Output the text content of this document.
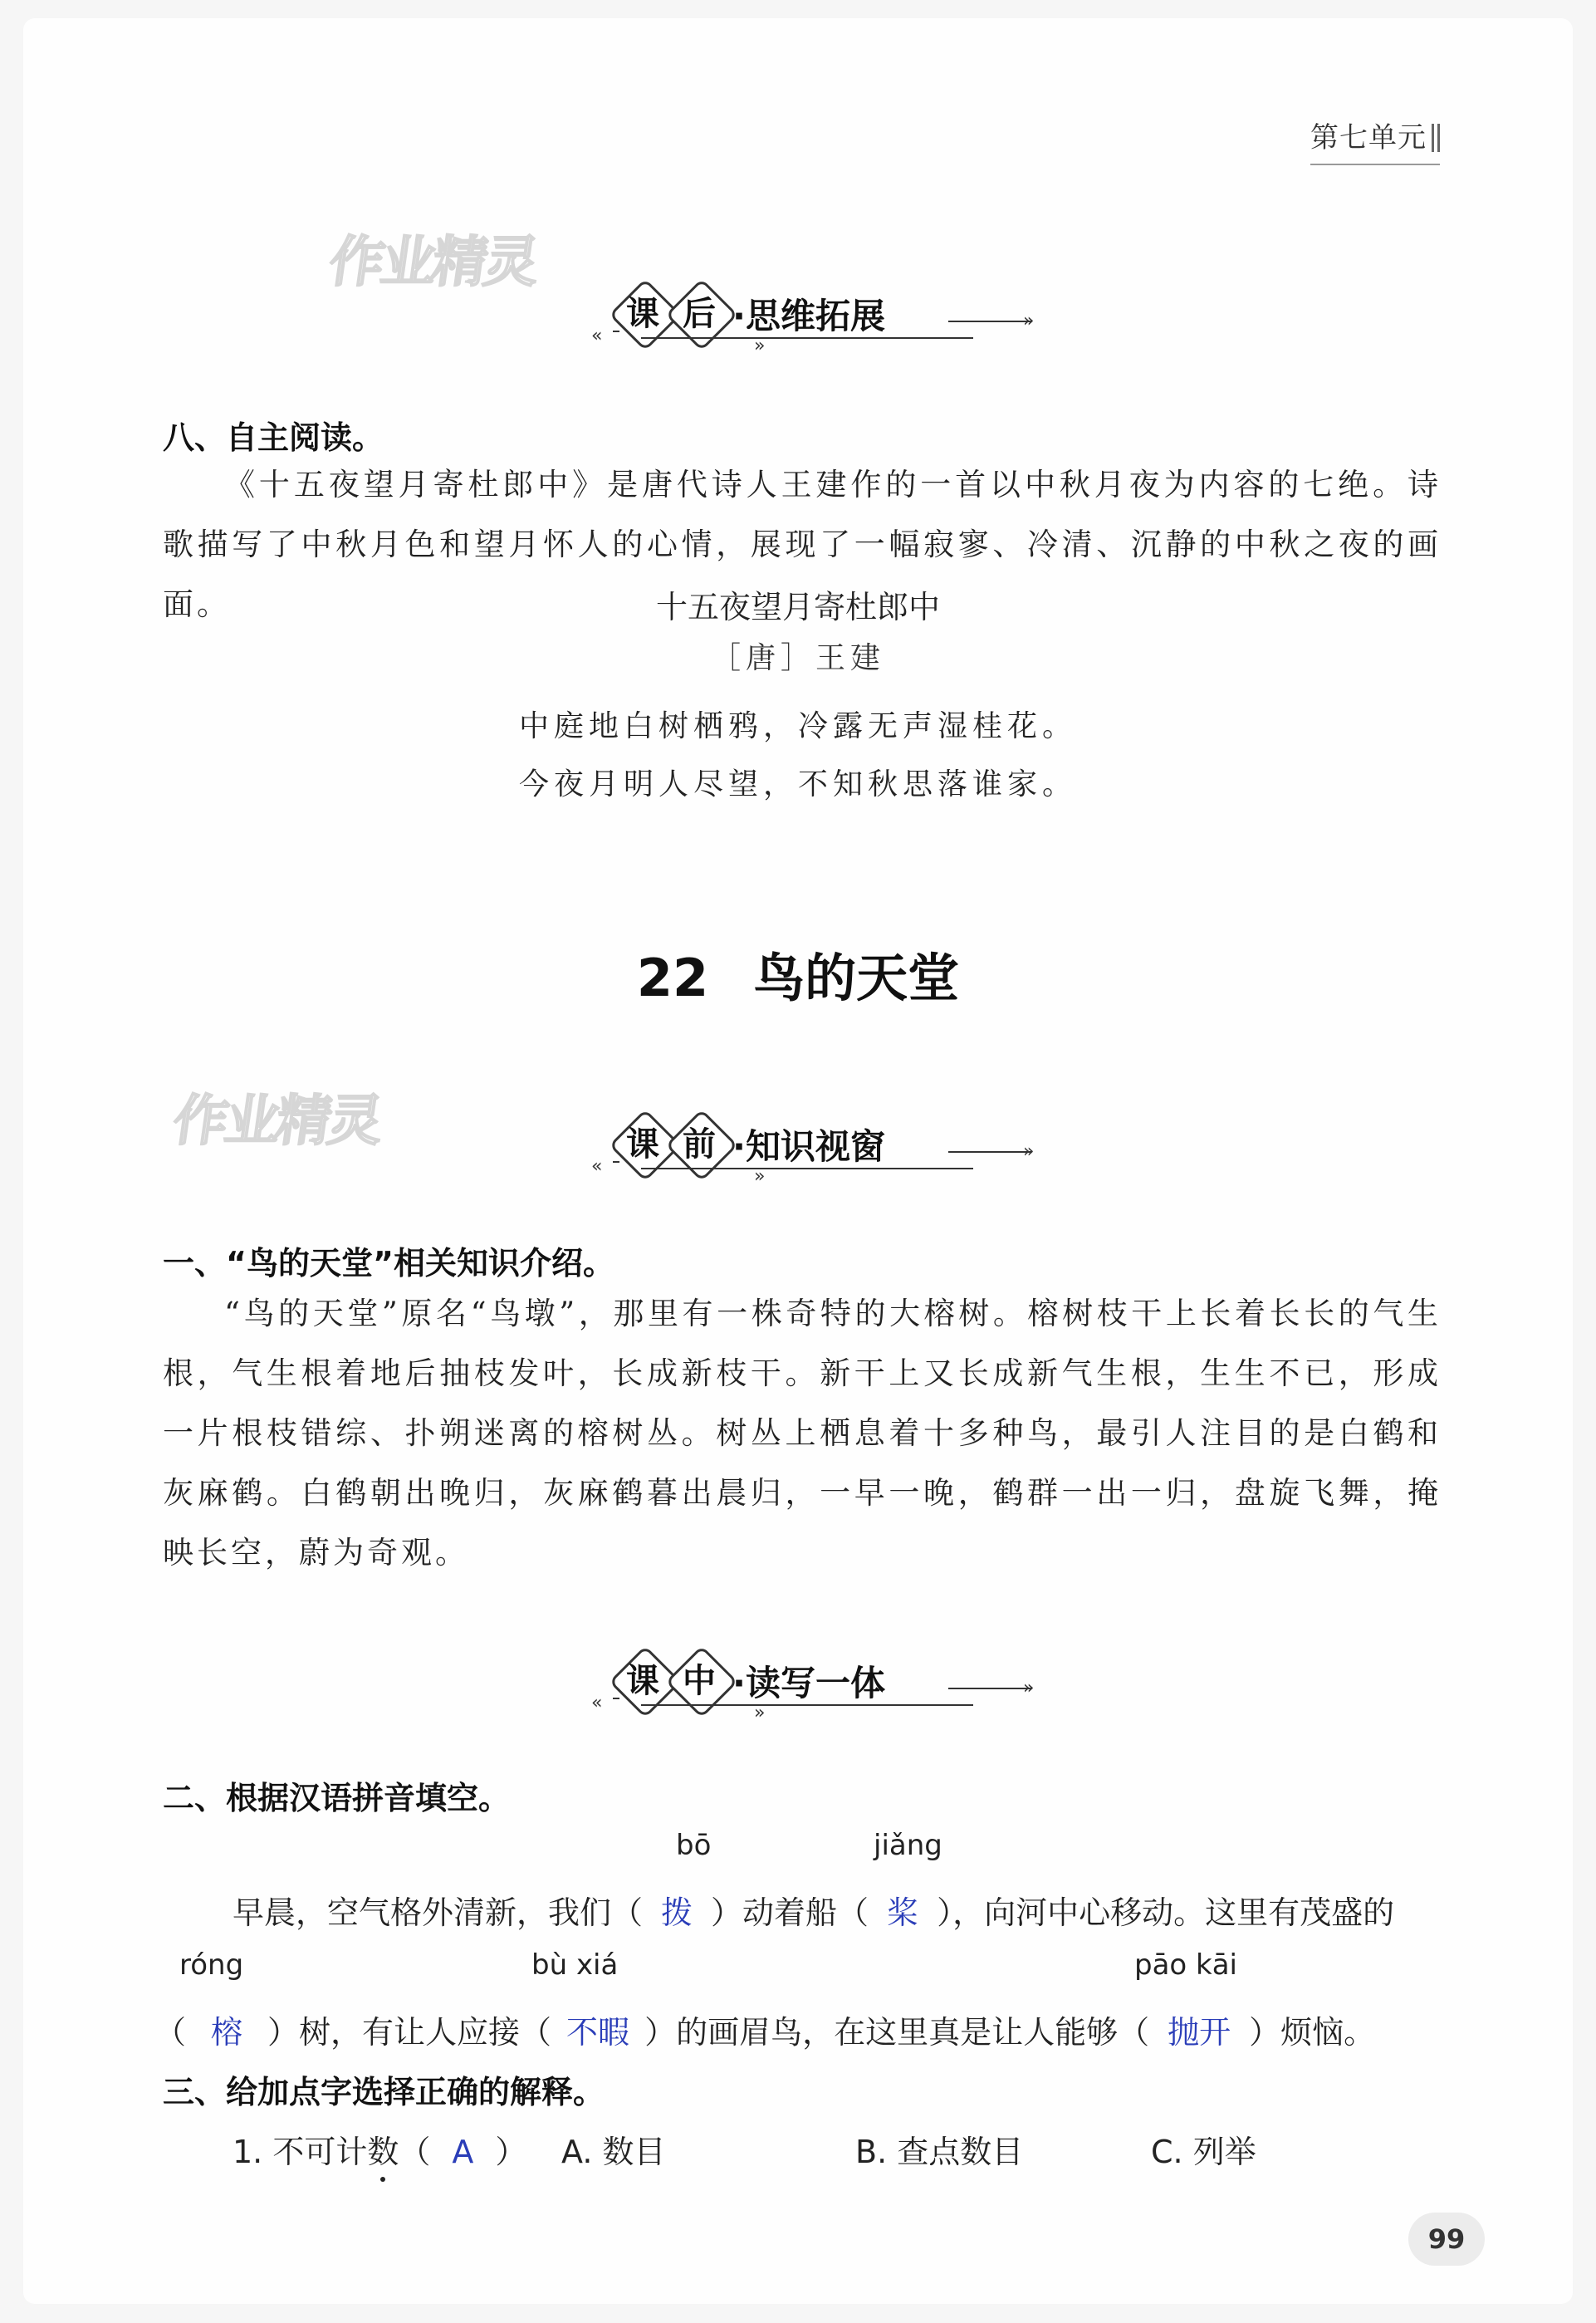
第七单元
作业精灵
作业精灵
课 后 ·思维拓展
«	»
»
八、自主阅读。
《十五夜望月寄杜郎中》是唐代诗人王建作的一首以中秋月夜为内容的七绝。诗歌描写了中秋月色和望月怀人的心情，展现了一幅寂寥、冷清、沉静的中秋之夜的画面。	十五夜望月寄杜郎中
［唐］王建
中庭地白树栖鸦，冷露无声湿桂花。
今夜月明人尽望，不知秋思落谁家。
22 鸟的天堂
课 前 ·知识视窗
«	»
»
一、“鸟的天堂”相关知识介绍。
“鸟的天堂”原名“鸟墩”，那里有一株奇特的大榕树。榕树枝干上长着长长的气生根，气生根着地后抽枝发叶，长成新枝干。新干上又长成新气生根，生生不已，形成一片根枝错综、扑朔迷离的榕树丛。树丛上栖息着十多种鸟，最引人注目的是白鹤和灰麻鹤。白鹤朝出晚归，灰麻鹤暮出晨归，一早一晚，鹤群一出一归，盘旋飞舞，掩映长空，蔚为奇观。
课 中 ·读写一体
«	»
»
二、根据汉语拼音填空。
bō	jiǎng
早晨，空气格外清新，我们（ 拨 ）动着船（ 桨 ），向河中心移动。这里有茂盛的
róng	bù xiá	pāo kāi
（ 榕 ）树，有让人应接（ 不暇 ）的画眉鸟，在这里真是让人能够（ 抛开 ）烦恼。
三、给加点字选择正确的解释。
1. 不可计数（ A ） A. 数目	B. 查点数目	C. 列举
99
